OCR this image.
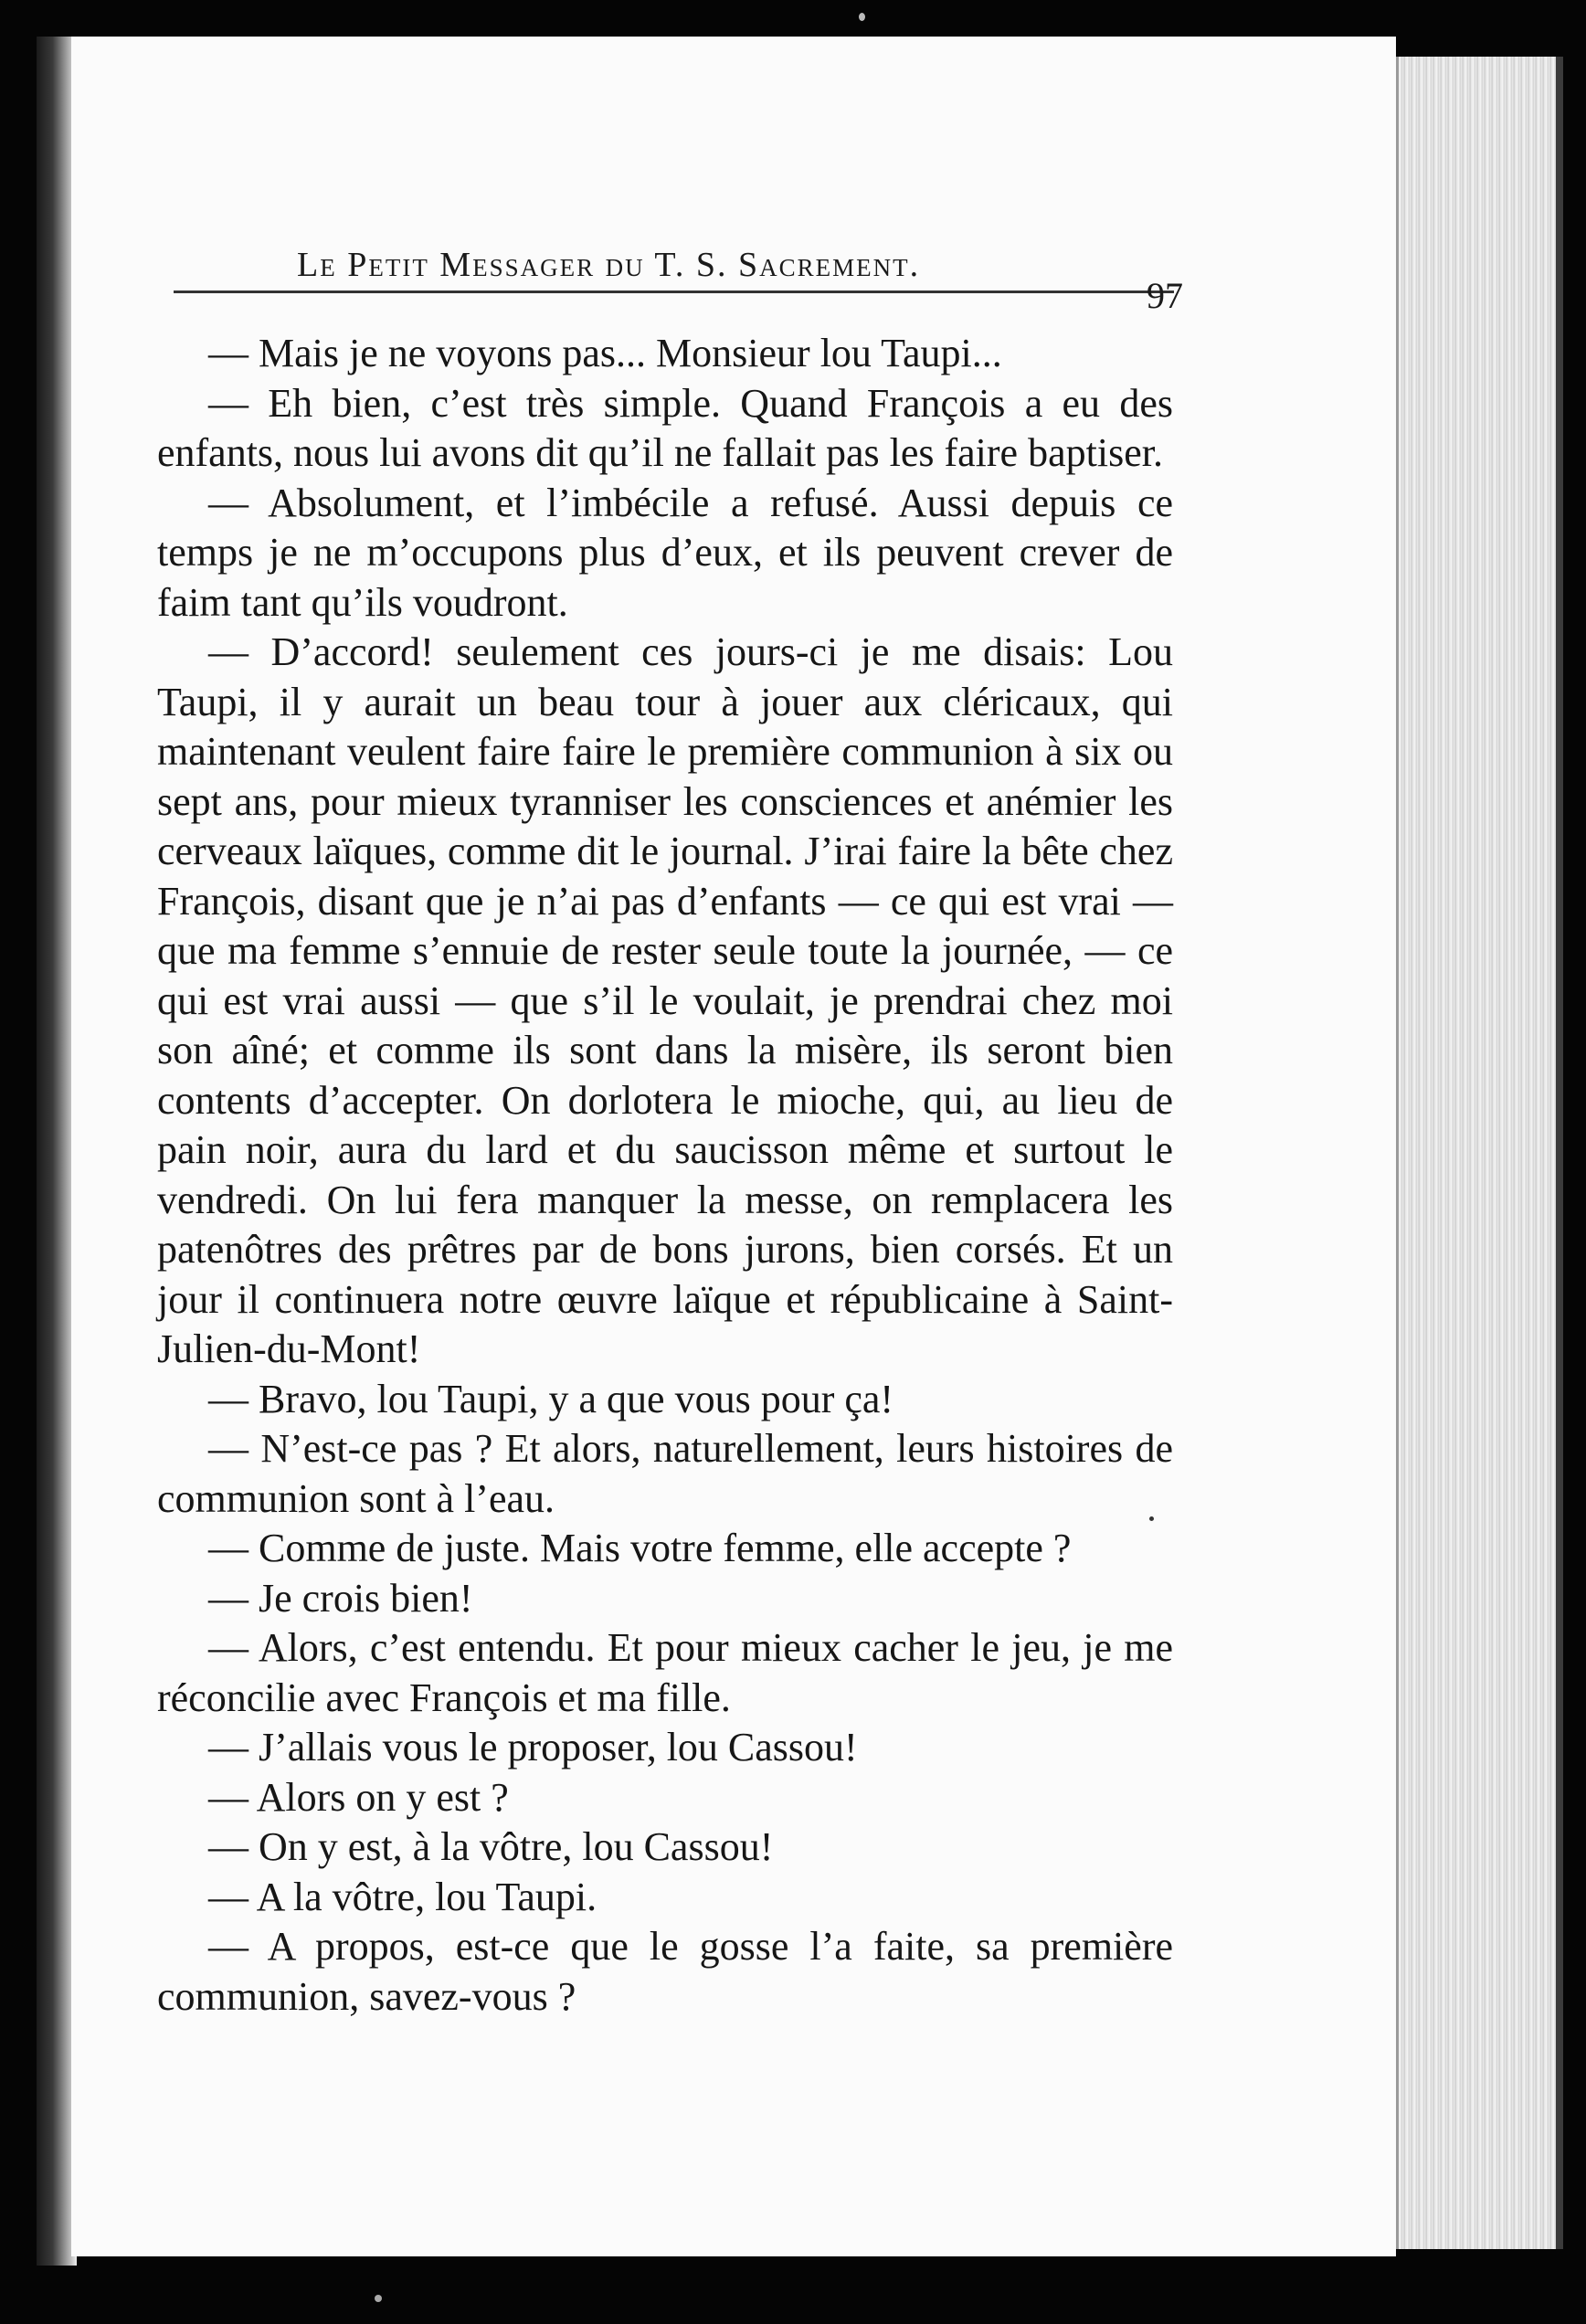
Le Petit Messager du T. S. Sacrement.
97

— Mais je ne voyons pas... Monsieur lou Taupi...

— Eh bien, c’est très simple. Quand François a eu des enfants, nous lui avons dit qu’il ne fallait pas les faire baptiser.

— Absolument, et l’imbécile a refusé. Aussi depuis ce temps je ne m’occupons plus d’eux, et ils peuvent crever de faim tant qu’ils voudront.

— D’accord! seulement ces jours-ci je me disais: Lou Taupi, il y aurait un beau tour à jouer aux cléricaux, qui maintenant veulent faire faire le première communion à six ou sept ans, pour mieux tyranniser les consciences et anémier les cerveaux laïques, comme dit le journal. J’irai faire la bête chez François, disant que je n’ai pas d’enfants — ce qui est vrai — que ma femme s’ennuie de rester seule toute la journée, — ce qui est vrai aussi — que s’il le voulait, je prendrai chez moi son aîné; et comme ils sont dans la misère, ils seront bien contents d’accepter. On dorlotera le mioche, qui, au lieu de pain noir, aura du lard et du saucisson même et surtout le vendredi. On lui fera manquer la messe, on remplacera les patenôtres des prêtres par de bons jurons, bien corsés. Et un jour il continuera notre œuvre laïque et républicaine à Saint-Julien-du-Mont!

— Bravo, lou Taupi, y a que vous pour ça!

— N’est-ce pas ? Et alors, naturellement, leurs histoires de communion sont à l’eau.

— Comme de juste. Mais votre femme, elle accepte ?

— Je crois bien!

— Alors, c’est entendu. Et pour mieux cacher le jeu, je me réconcilie avec François et ma fille.

— J’allais vous le proposer, lou Cassou!

— Alors on y est ?

— On y est, à la vôtre, lou Cassou!

— A la vôtre, lou Taupi.

— A propos, est-ce que le gosse l’a faite, sa première communion, savez-vous ?
